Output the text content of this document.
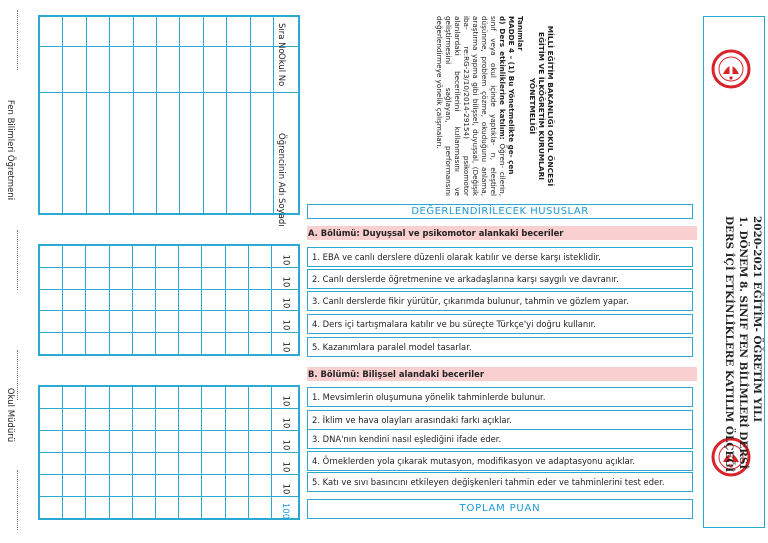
Fen Bilimleri Öğretmeni
Okul Müdürü

										Sıra No

										Okul No

										Öğrencinin Adı Soyadı
										10
										10
										10
										10
										10
										10
										10
										10
										10
										10
										100
MİLLİ EĞİTİM BAKANLIĞI OKUL ÖNCESİ EĞİTİM VE İLKÖĞRETİM KURUMLARI YÖNETMELİĞİ
Tanımlar
MADDE 4 – (1) Bu Yönetmelikte ge- çen
d) Ders etkinliklerine katılım: Öğren- cilerin, sınıf veya okul içinde yaptıkla- rı, eleştirel düşünme, problem çözme, okuduğunu anlama, araştırma yapma gibi bilişsel, duyuşsal, (Değişik iba- re:RG-23/10/2014-29154) psikomotor alanlardaki becerilerini kullanmasını ve geliştirmesini sağlayan, performansını değerlendirmeye yönelik çalışmaları.
DEĞERLENDİRİLECEK HUSUSLAR
A. Bölümü: Duyuşsal ve psikomotor alankaki beceriler
1. EBA ve canlı derslere düzenli olarak katılır ve derse karşı isteklidir.
2. Canlı derslerde öğretmenine ve arkadaşlarına karşı saygılı ve davranır.
3. Canlı derslerde fikir yürütür, çıkarımda bulunur, tahmin ve gözlem yapar.
4. Ders içi tartışmalara katılır ve bu süreçte Türkçe'yi doğru kullanır.
5. Kazanımlara paralel model tasarlar.
B. Bölümü: Bilişsel alandaki beceriler
1. Mevsimlerin oluşumuna yönelik tahminlerde bulunur.
2. İklim ve hava olayları arasındaki farkı açıklar.
3. DNA'nın kendini nasıl eşlediğini ifade eder.
4. Örneklerden yola çıkarak mutasyon, modifikasyon ve adaptasyonu açıklar.
5. Katı ve sıvı basıncını etkileyen değişkenleri tahmin eder ve tahminlerini test eder.
TOPLAM PUAN
2020-2021 EĞİTİM- ÖĞRETİM YILI
1. DÖNEM 8. SINIF FEN BİLİMLERİ DERSİ
DERS İÇİ ETKİNLİKLERE KATILIM ÖLÇEĞİ
